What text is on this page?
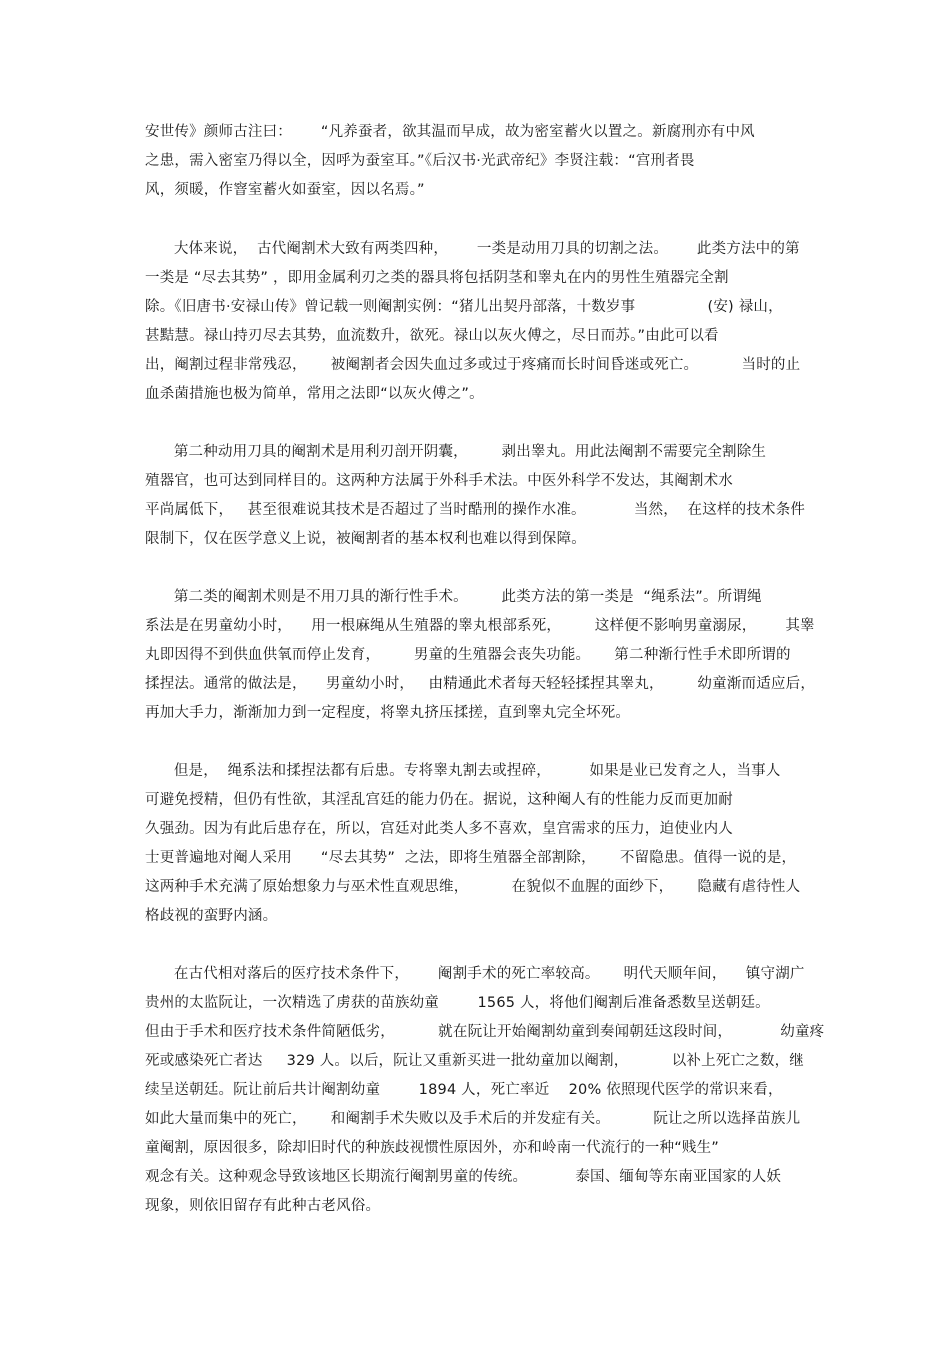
安世传》颜师古注曰：      “凡养蚕者，欲其温而早成，故为密室蓄火以置之。新腐刑亦有中风
之患，需入密室乃得以全，因呼为蚕室耳。”《后汉书·光武帝纪》李贤注载：“宫刑者畏
风，须暖，作窨室蓄火如蚕室，因以名焉。”
大体来说，  古代阉割术大致有两类四种，      一类是动用刀具的切割之法。      此类方法中的第
一类是 “尽去其势” ，即用金属利刃之类的器具将包括阴茎和睾丸在内的男性生殖器完全割
除。《旧唐书·安禄山传》曾记载一则阉割实例：“猪儿出契丹部落，十数岁事               (安) 禄山，
甚黠慧。禄山持刃尽去其势，血流数升，欲死。禄山以灰火傅之，尽日而苏。”由此可以看
出，阉割过程非常残忍，     被阉割者会因失血过多或过于疼痛而长时间昏迷或死亡。         当时的止
血杀菌措施也极为简单，常用之法即“以灰火傅之”。
第二种动用刀具的阉割术是用利刃剖开阴囊，       剥出睾丸。用此法阉割不需要完全割除生
殖器官，也可达到同样目的。这两种方法属于外科手术法。中医外科学不发达，其阉割术水
平尚属低下，   甚至很难说其技术是否超过了当时酷刑的操作水准。          当然，  在这样的技术条件
限制下，仅在医学意义上说，被阉割者的基本权利也难以得到保障。
第二类的阉割术则是不用刀具的渐行性手术。       此类方法的第一类是  “绳系法”。所谓绳
系法是在男童幼小时，    用一根麻绳从生殖器的睾丸根部系死，       这样便不影响男童溺尿，      其睾
丸即因得不到供血供氧而停止发育，       男童的生殖器会丧失功能。     第二种渐行性手术即所谓的
揉捏法。通常的做法是，    男童幼小时，   由精通此术者每天轻轻揉捏其睾丸，       幼童渐而适应后，
再加大手力，渐渐加力到一定程度，将睾丸挤压揉搓，直到睾丸完全坏死。
但是，  绳系法和揉捏法都有后患。专将睾丸割去或捏碎，        如果是业已发育之人，当事人
可避免授精，但仍有性欲，其淫乱宫廷的能力仍在。据说，这种阉人有的性能力反而更加耐
久强劲。因为有此后患存在，所以，宫廷对此类人多不喜欢，皇宫需求的压力，迫使业内人
士更普遍地对阉人采用      “尽去其势”  之法，即将生殖器全部割除，     不留隐患。值得一说的是，
这两种手术充满了原始想象力与巫术性直观思维，         在貌似不血腥的面纱下，     隐藏有虐待性人
格歧视的蛮野内涵。
在古代相对落后的医疗技术条件下，      阉割手术的死亡率较高。     明代天顺年间，    镇守湖广
贵州的太监阮让，一次精选了虏获的苗族幼童        1565 人，将他们阉割后准备悉数呈送朝廷。
但由于手术和医疗技术条件简陋低劣，         就在阮让开始阉割幼童到奏闻朝廷这段时间，          幼童疼
死或感染死亡者达     329 人。以后，阮让又重新买进一批幼童加以阉割，         以补上死亡之数，继
续呈送朝廷。阮让前后共计阉割幼童        1894 人，死亡率近    20% 依照现代医学的常识来看，
如此大量而集中的死亡，     和阉割手术失败以及手术后的并发症有关。         阮让之所以选择苗族儿
童阉割，原因很多，除却旧时代的种族歧视惯性原因外，亦和岭南一代流行的一种“贱生”
观念有关。这种观念导致该地区长期流行阉割男童的传统。          泰国、缅甸等东南亚国家的人妖
现象，则依旧留存有此种古老风俗。
